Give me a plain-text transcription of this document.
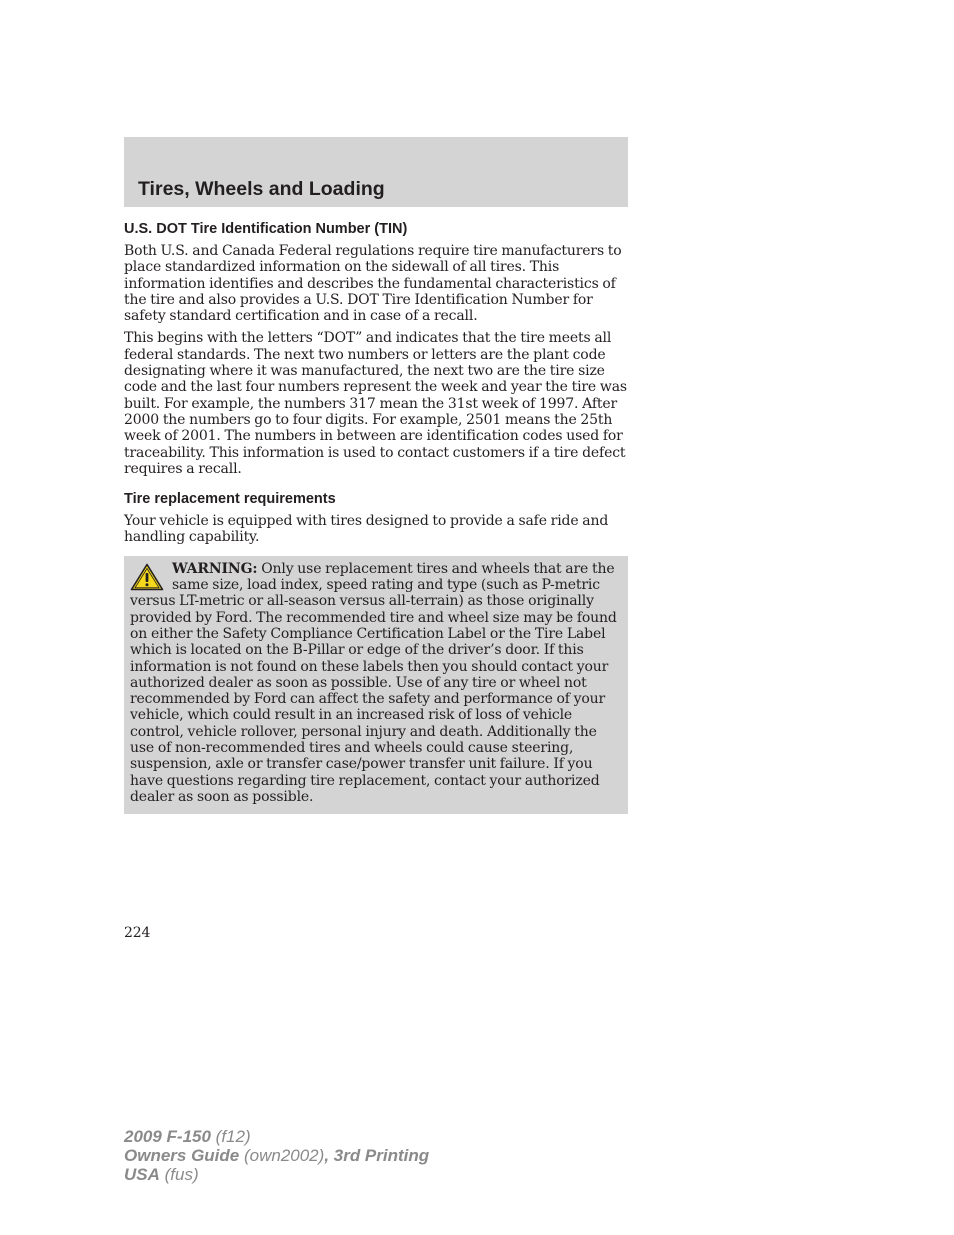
Tires, Wheels and Loading
U.S. DOT Tire Identification Number (TIN)

Both U.S. and Canada Federal regulations require tire manufacturers to place standardized information on the sidewall of all tires. This information identifies and describes the fundamental characteristics of the tire and also provides a U.S. DOT Tire Identification Number for safety standard certification and in case of a recall.

This begins with the letters “DOT” and indicates that the tire meets all federal standards. The next two numbers or letters are the plant code designating where it was manufactured, the next two are the tire size code and the last four numbers represent the week and year the tire was built. For example, the numbers 317 mean the 31st week of 1997. After 2000 the numbers go to four digits. For example, 2501 means the 25th week of 2001. The numbers in between are identification codes used for traceability. This information is used to contact customers if a tire defect requires a recall.

Tire replacement requirements

Your vehicle is equipped with tires designed to provide a safe ride and handling capability.

WARNING: Only use replacement tires and wheels that are the same size, load index, speed rating and type (such as P-metric versus LT-metric or all-season versus all-terrain) as those originally provided by Ford. The recommended tire and wheel size may be found on either the Safety Compliance Certification Label or the Tire Label which is located on the B-Pillar or edge of the driver’s door. If this information is not found on these labels then you should contact your authorized dealer as soon as possible. Use of any tire or wheel not recommended by Ford can affect the safety and performance of your vehicle, which could result in an increased risk of loss of vehicle control, vehicle rollover, personal injury and death. Additionally the use of non-recommended tires and wheels could cause steering, suspension, axle or transfer case/power transfer unit failure. If you have questions regarding tire replacement, contact your authorized dealer as soon as possible.

224

2009 F-150 (f12)
Owners Guide (own2002), 3rd Printing
USA (fus)
